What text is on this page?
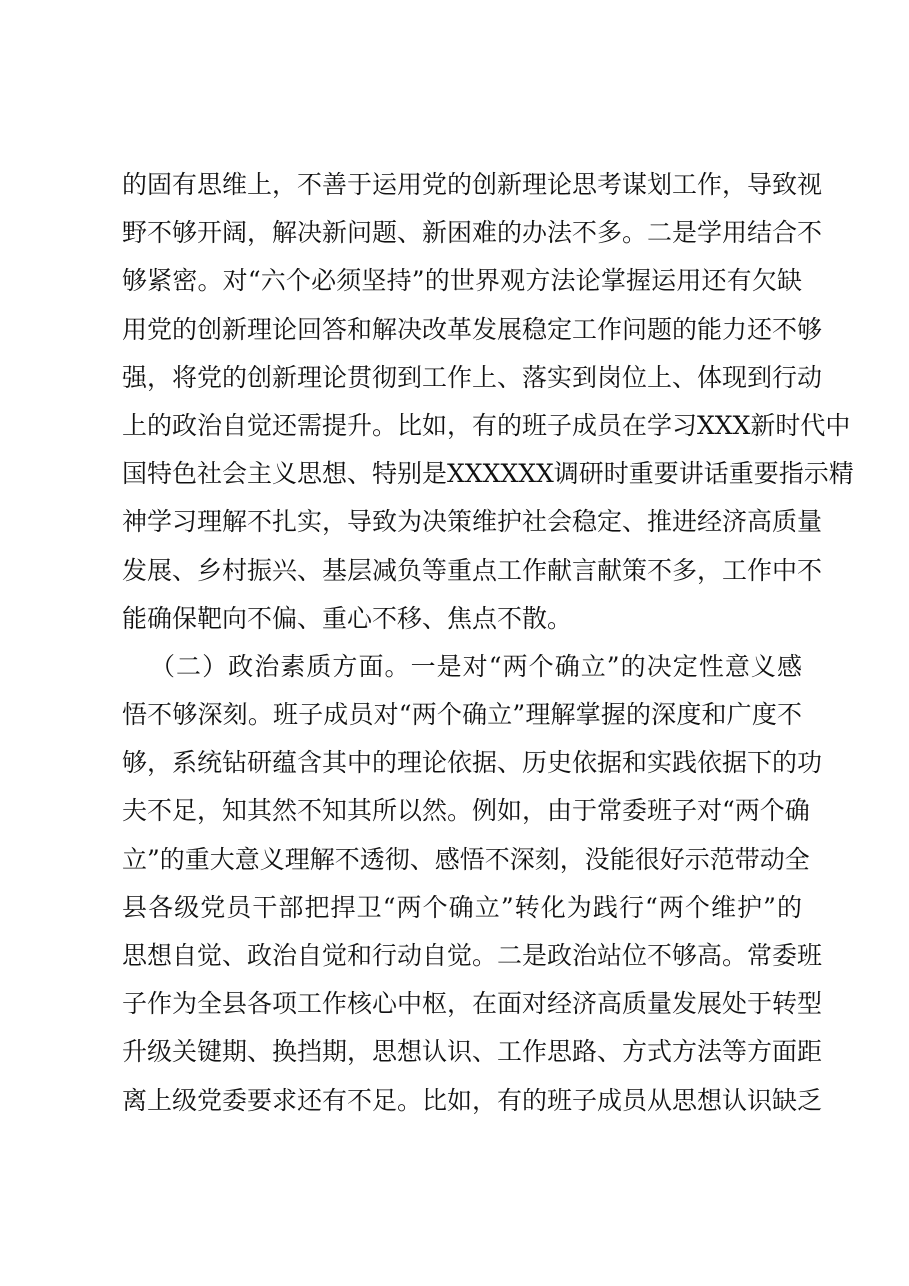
的固有思维上，不善于运用党的创新理论思考谋划工作，导致视
野不够开阔，解决新问题、新困难的办法不多。二是学用结合不
够紧密。对“六个必须坚持”的世界观方法论掌握运用还有欠缺
用党的创新理论回答和解决改革发展稳定工作问题的能力还不够
强，将党的创新理论贯彻到工作上、落实到岗位上、体现到行动
上的政治自觉还需提升。比如，有的班子成员在学习XXX新时代中
国特色社会主义思想、特别是XXXXXX调研时重要讲话重要指示精
神学习理解不扎实，导致为决策维护社会稳定、推进经济高质量
发展、乡村振兴、基层减负等重点工作献言献策不多，工作中不
能确保靶向不偏、重心不移、焦点不散。
（二）政治素质方面。一是对“两个确立”的决定性意义感
悟不够深刻。班子成员对“两个确立”理解掌握的深度和广度不
够，系统钻研蕴含其中的理论依据、历史依据和实践依据下的功
夫不足，知其然不知其所以然。例如，由于常委班子对“两个确
立”的重大意义理解不透彻、感悟不深刻，没能很好示范带动全
县各级党员干部把捍卫“两个确立”转化为践行“两个维护”的
思想自觉、政治自觉和行动自觉。二是政治站位不够高。常委班
子作为全县各项工作核心中枢，在面对经济高质量发展处于转型
升级关键期、换挡期，思想认识、工作思路、方式方法等方面距
离上级党委要求还有不足。比如，有的班子成员从思想认识缺乏
